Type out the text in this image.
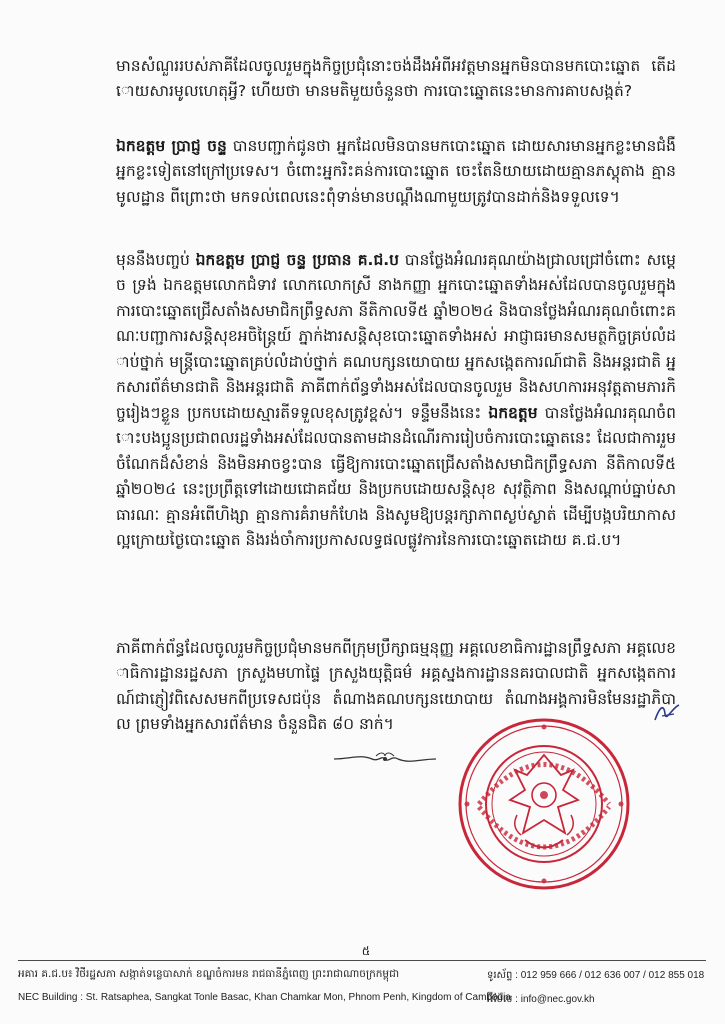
មានសំណួររបស់ភាគីដែលចូលរួមក្នុងកិច្ចប្រជុំនោះចង់ដឹងអំពីអវត្តមានអ្នកមិនបានមកបោះឆ្នោត តើដោយសារមូលហេតុអ្វី? ហើយថា មានមតិមួយចំនួនថា ការបោះឆ្នោតនេះមានការគាបសង្កត់?

ឯកឧត្តម ប្រាជ្ញ ចន្ទ បានបញ្ជាក់ជូនថា អ្នកដែលមិនបានមកបោះឆ្នោត ដោយសារមានអ្នកខ្លះមានជំងឺ អ្នកខ្លះទៀតនៅក្រៅប្រទេស។ ចំពោះអ្នករិះគន់ការបោះឆ្នោត ចេះតែនិយាយដោយគ្មានភស្តុតាង គ្មានមូលដ្ឋាន ពីព្រោះថា មកទល់ពេលនេះពុំទាន់មានបណ្តឹងណាមួយត្រូវបានដាក់និងទទួលទេ។

មុននឹងបញ្ចប់ ឯកឧត្តម ប្រាជ្ញ ចន្ទ ប្រធាន គ.ជ.ប បានថ្លែងអំណរគុណយ៉ាងជ្រាលជ្រៅចំពោះ សម្តេច ទ្រង់ ឯកឧត្តមលោកជំទាវ លោកលោកស្រី នាងកញ្ញា អ្នកបោះឆ្នោតទាំងអស់ដែលបានចូលរួមក្នុងការបោះឆ្នោតជ្រើសតាំងសមាជិកព្រឹទ្ធសភា នីតិកាលទី៥ ឆ្នាំ២០២៤ និងបានថ្លែងអំណរគុណចំពោះគណៈបញ្ជាការសន្តិសុខអចិន្ត្រៃយ៍ ភ្នាក់ងារសន្តិសុខបោះឆ្នោតទាំងអស់ អាជ្ញាធរមានសមត្ថកិច្ចគ្រប់លំដាប់ថ្នាក់ មន្ត្រីបោះឆ្នោតគ្រប់លំដាប់ថ្នាក់ គណបក្សនយោបាយ អ្នកសង្កេតការណ៍ជាតិ និងអន្តរជាតិ អ្នកសារព័ត៌មានជាតិ និងអន្តរជាតិ ភាគីពាក់ព័ន្ធទាំងអស់ដែលបានចូលរួម និងសហការអនុវត្តតាមភារកិច្ចរៀងៗខ្លួន ប្រកបដោយស្មារតីទទួលខុសត្រូវខ្ពស់។ ទន្ទឹមនឹងនេះ ឯកឧត្តម បានថ្លែងអំណរគុណចំពោះបងប្អូនប្រជាពលរដ្ឋទាំងអស់ដែលបានតាមដានដំណើរការរៀបចំការបោះឆ្នោតនេះ ដែលជាការរួមចំណែកដ៏សំខាន់ និងមិនអាចខ្វះបាន ធ្វើឱ្យការបោះឆ្នោតជ្រើសតាំងសមាជិកព្រឹទ្ធសភា នីតិកាលទី៥ ឆ្នាំ២០២៤ នេះប្រព្រឹត្តទៅដោយជោគជ័យ និងប្រកបដោយសន្តិសុខ សុវត្ថិភាព និងសណ្តាប់ធ្នាប់សាធារណៈ គ្មានអំពើហិង្សា គ្មានការគំរាមកំហែង និងសូមឱ្យបន្តរក្សាភាពស្ងប់ស្ងាត់ ដើម្បីបង្កបរិយាកាសល្អក្រោយថ្ងៃបោះឆ្នោត និងរង់ចាំការប្រកាសលទ្ធផលផ្លូវការនៃការបោះឆ្នោតដោយ គ.ជ.ប។

ភាគីពាក់ព័ន្ធដែលចូលរួមកិច្ចប្រជុំមានមកពីក្រុមប្រឹក្សាធម្មនុញ្ញ អគ្គលេខាធិការដ្ឋានព្រឹទ្ធសភា អគ្គលេខាធិការដ្ឋានរដ្ឋសភា ក្រសួងមហាផ្ទៃ ក្រសួងយុត្តិធម៌ អគ្គស្នងការដ្ឋាននគរបាលជាតិ អ្នកសង្កេតការណ៍ជាភ្ញៀវពិសេសមកពីប្រទេសជប៉ុន តំណាងគណបក្សនយោបាយ តំណាងអង្គការមិនមែនរដ្ឋាភិបាល ព្រមទាំងអ្នកសារព័ត៌មាន ចំនួនជិត ៨០ នាក់។

៥
អគារ គ.ជ.ប៖ វិថីរដ្ឋសភា សង្កាត់ទន្លេបាសាក់ ខណ្ឌចំការមន រាជធានីភ្នំពេញ ព្រះរាជាណាចក្រកម្ពុជា
NEC Building : St. Ratsaphea, Sangkat Tonle Basac, Khan Chamkar Mon, Phnom Penh, Kingdom of Cambodia
ទូរស័ព្ទ : 012 959 666 / 012 636 007 / 012 855 018
អ៊ីម៉ែល : info@nec.gov.kh
